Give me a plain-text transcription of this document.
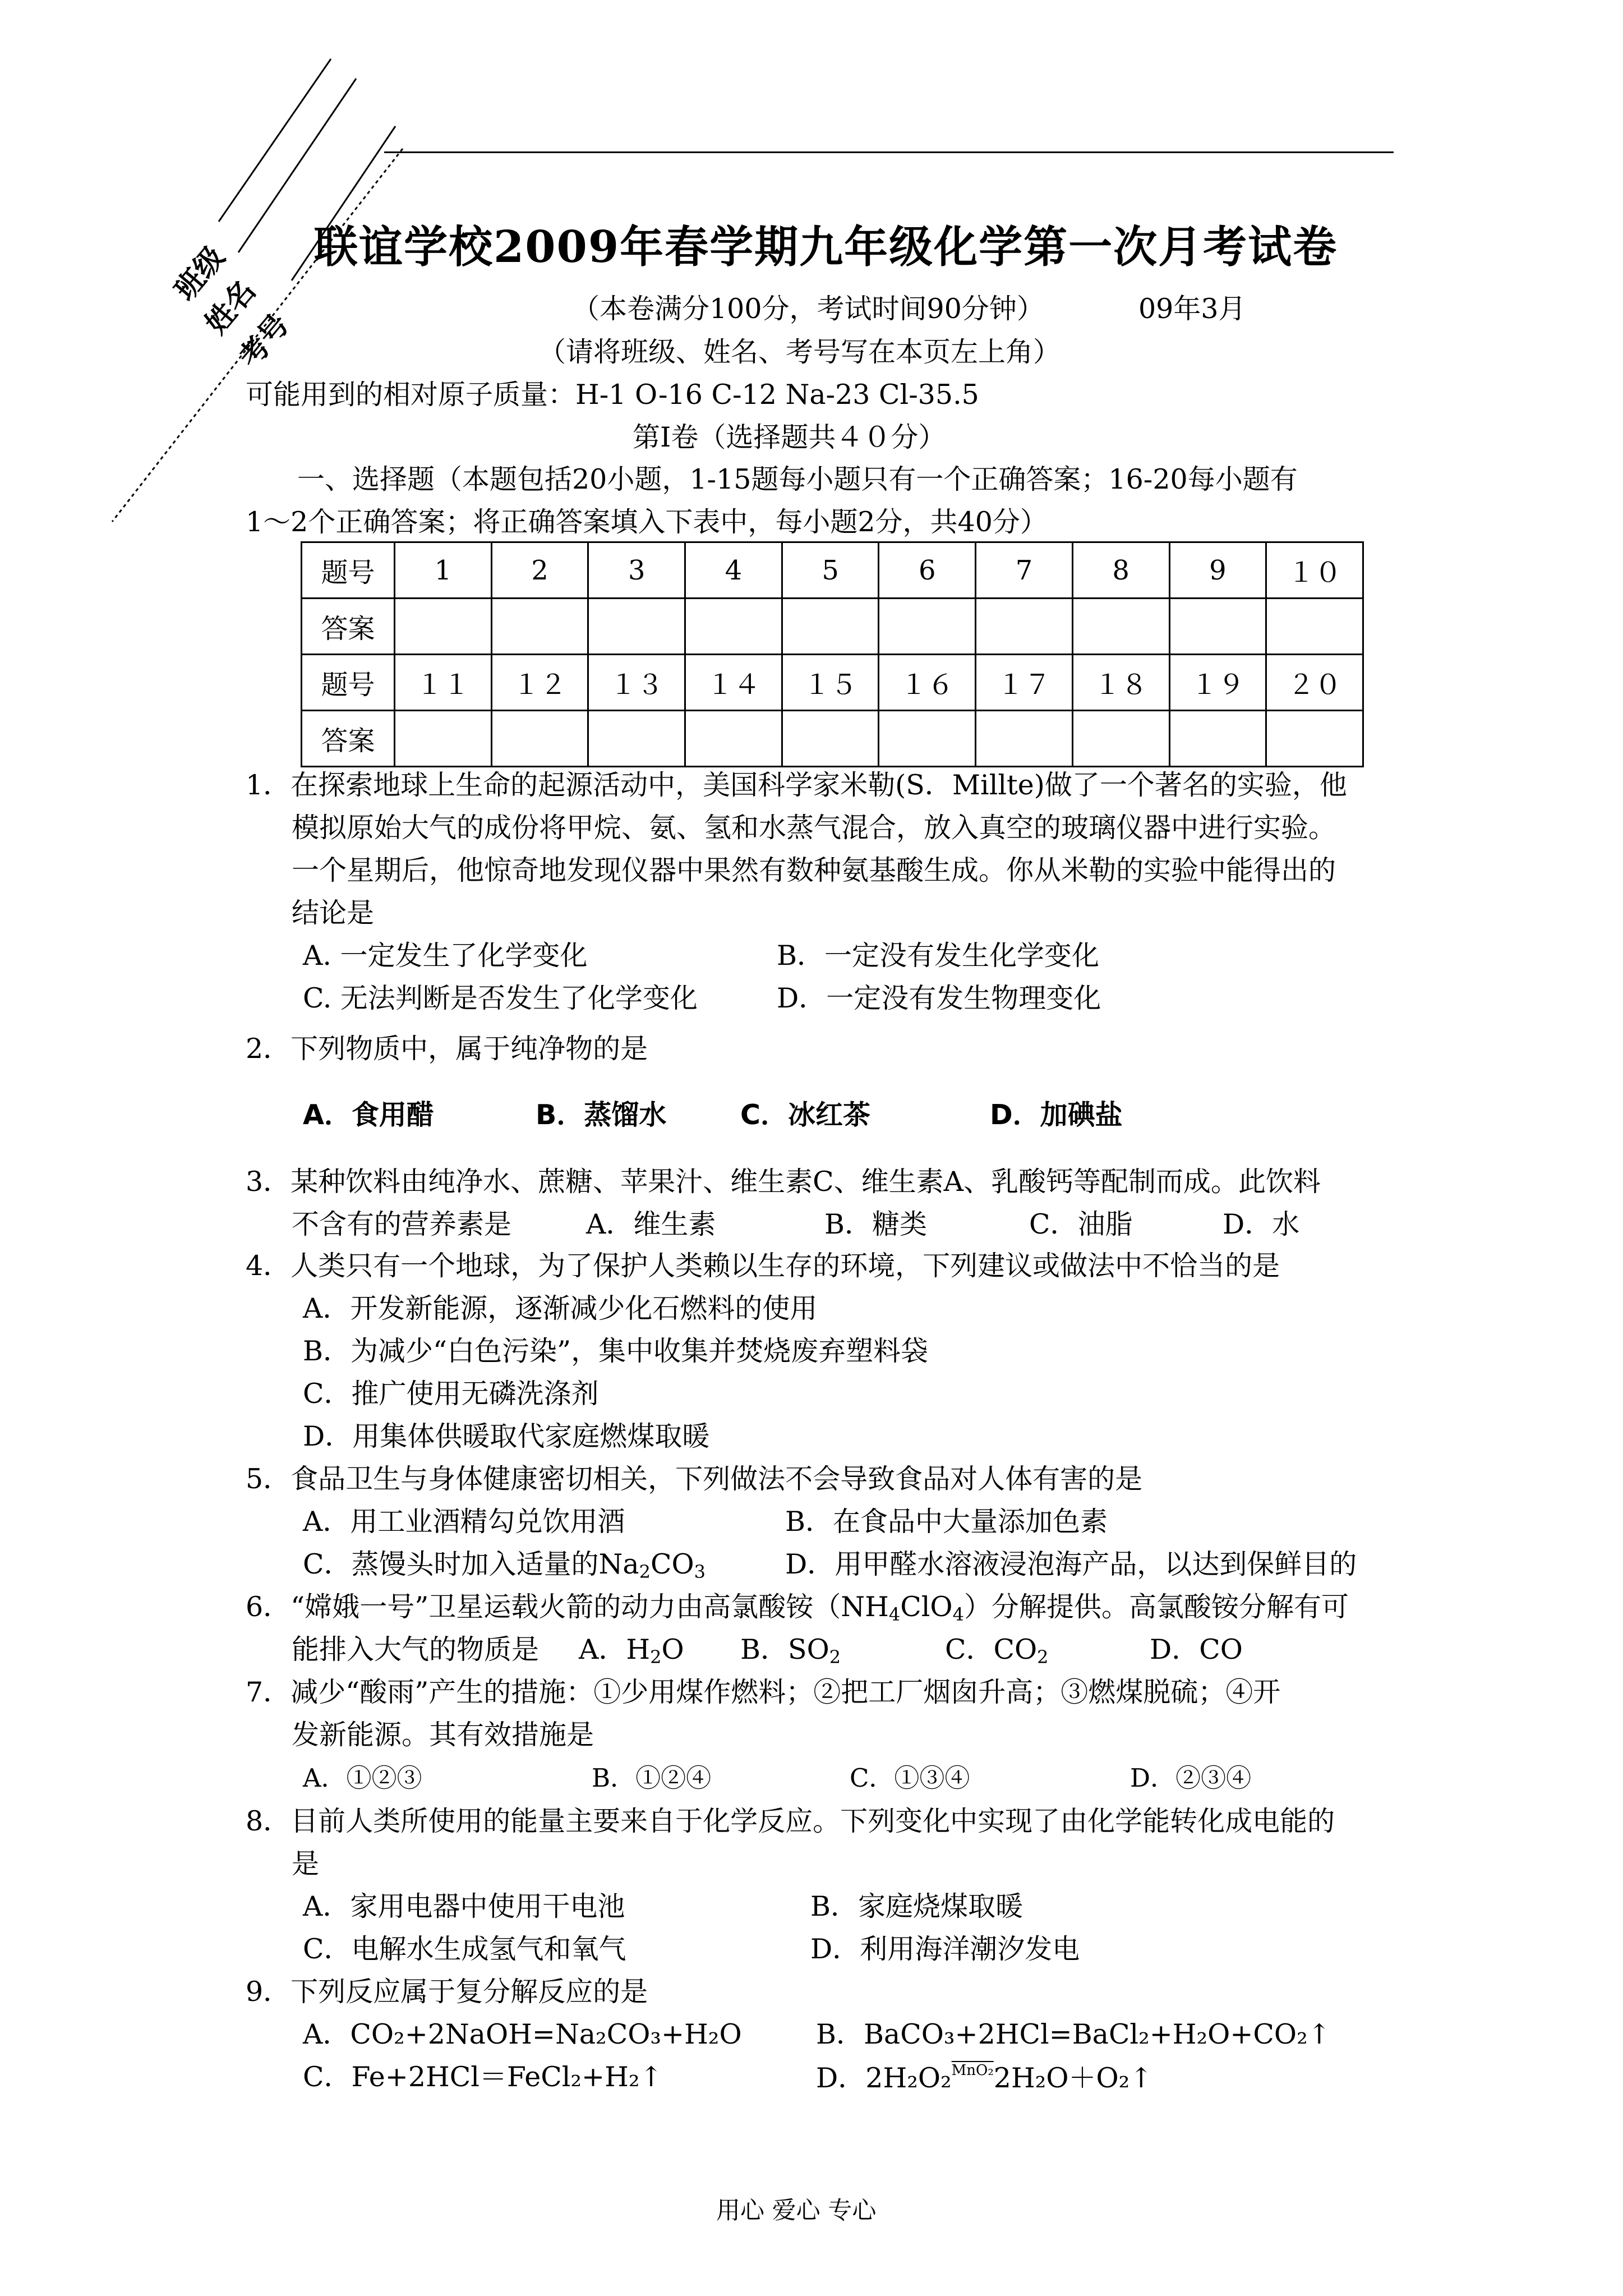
班级
姓名
考号
联谊学校2009年春学期九年级化学第一次月考试卷
（本卷满分100分，考试时间90分钟）	09年3月
（请将班级、姓名、考号写在本页左上角）
可能用到的相对原子质量：H-1 O-16 C-12 Na-23 Cl-35.5
第Ⅰ卷（选择题共４０分）
一、选择题（本题包括20小题，1-15题每小题只有一个正确答案；16-20每小题有
1～2个正确答案；将正确答案填入下表中，每小题2分，共40分）
题号	1	2	3	4	5	6	7	8	9	１０
答案										
题号	１１	１２	１３	１４	１５	１６	１７	１８	１９	２０
答案										
1．在探索地球上生命的起源活动中，美国科学家米勒(S．Millte)做了一个著名的实验，他
模拟原始大气的成份将甲烷、氨、氢和水蒸气混合，放入真空的玻璃仪器中进行实验。
一个星期后，他惊奇地发现仪器中果然有数种氨基酸生成。你从米勒的实验中能得出的
结论是
A. 一定发生了化学变化	B．一定没有发生化学变化
C. 无法判断是否发生了化学变化	D．一定没有发生物理变化
2．下列物质中，属于纯净物的是
A．食用醋	B．蒸馏水	C．冰红茶	D．加碘盐
3．某种饮料由纯净水、蔗糖、苹果汁、维生素C、维生素A、乳酸钙等配制而成。此饮料
不含有的营养素是	A．维生素	B．糖类	C．油脂	D．水
4．人类只有一个地球，为了保护人类赖以生存的环境，下列建议或做法中不恰当的是
A．开发新能源，逐渐减少化石燃料的使用
B．为减少“白色污染”，集中收集并焚烧废弃塑料袋
C．推广使用无磷洗涤剂
D．用集体供暖取代家庭燃煤取暖
5．食品卫生与身体健康密切相关，下列做法不会导致食品对人体有害的是
A．用工业酒精勾兑饮用酒	B．在食品中大量添加色素
C．蒸馒头时加入适量的$Na_2CO_3$	D．用甲醛水溶液浸泡海产品，以达到保鲜目的
6．“嫦娥一号”卫星运载火箭的动力由高氯酸铵$(NH_4ClO_4)$分解提供。高氯酸铵分解有可
能排入大气的物质是 A．$H_2O$ B．$SO_2$	C．$CO_2$	D．CO
7．减少“酸雨”产生的措施：①少用煤作燃料；②把工厂烟囱升高；③燃煤脱硫；④开
发新能源。其有效措施是
A．①②③	B．①②④	C．①③④	D．②③④
8．目前人类所使用的能量主要来自于化学反应。下列变化中实现了由化学能转化成电能的
是
A．家用电器中使用干电池	B．家庭烧煤取暖
C．电解水生成氢气和氧气	D．利用海洋潮汐发电
9．下列反应属于复分解反应的是
A．CO₂+2NaOH=Na₂CO₃+H₂O	B．BaCO₃+2HCl=BaCl₂+H₂O+CO₂↑
C．Fe+2HCl＝FeCl₂+H₂↑	D．2H₂O₂$^{MnO_2}$2H₂O＋O₂↑
用心 爱心 专心
